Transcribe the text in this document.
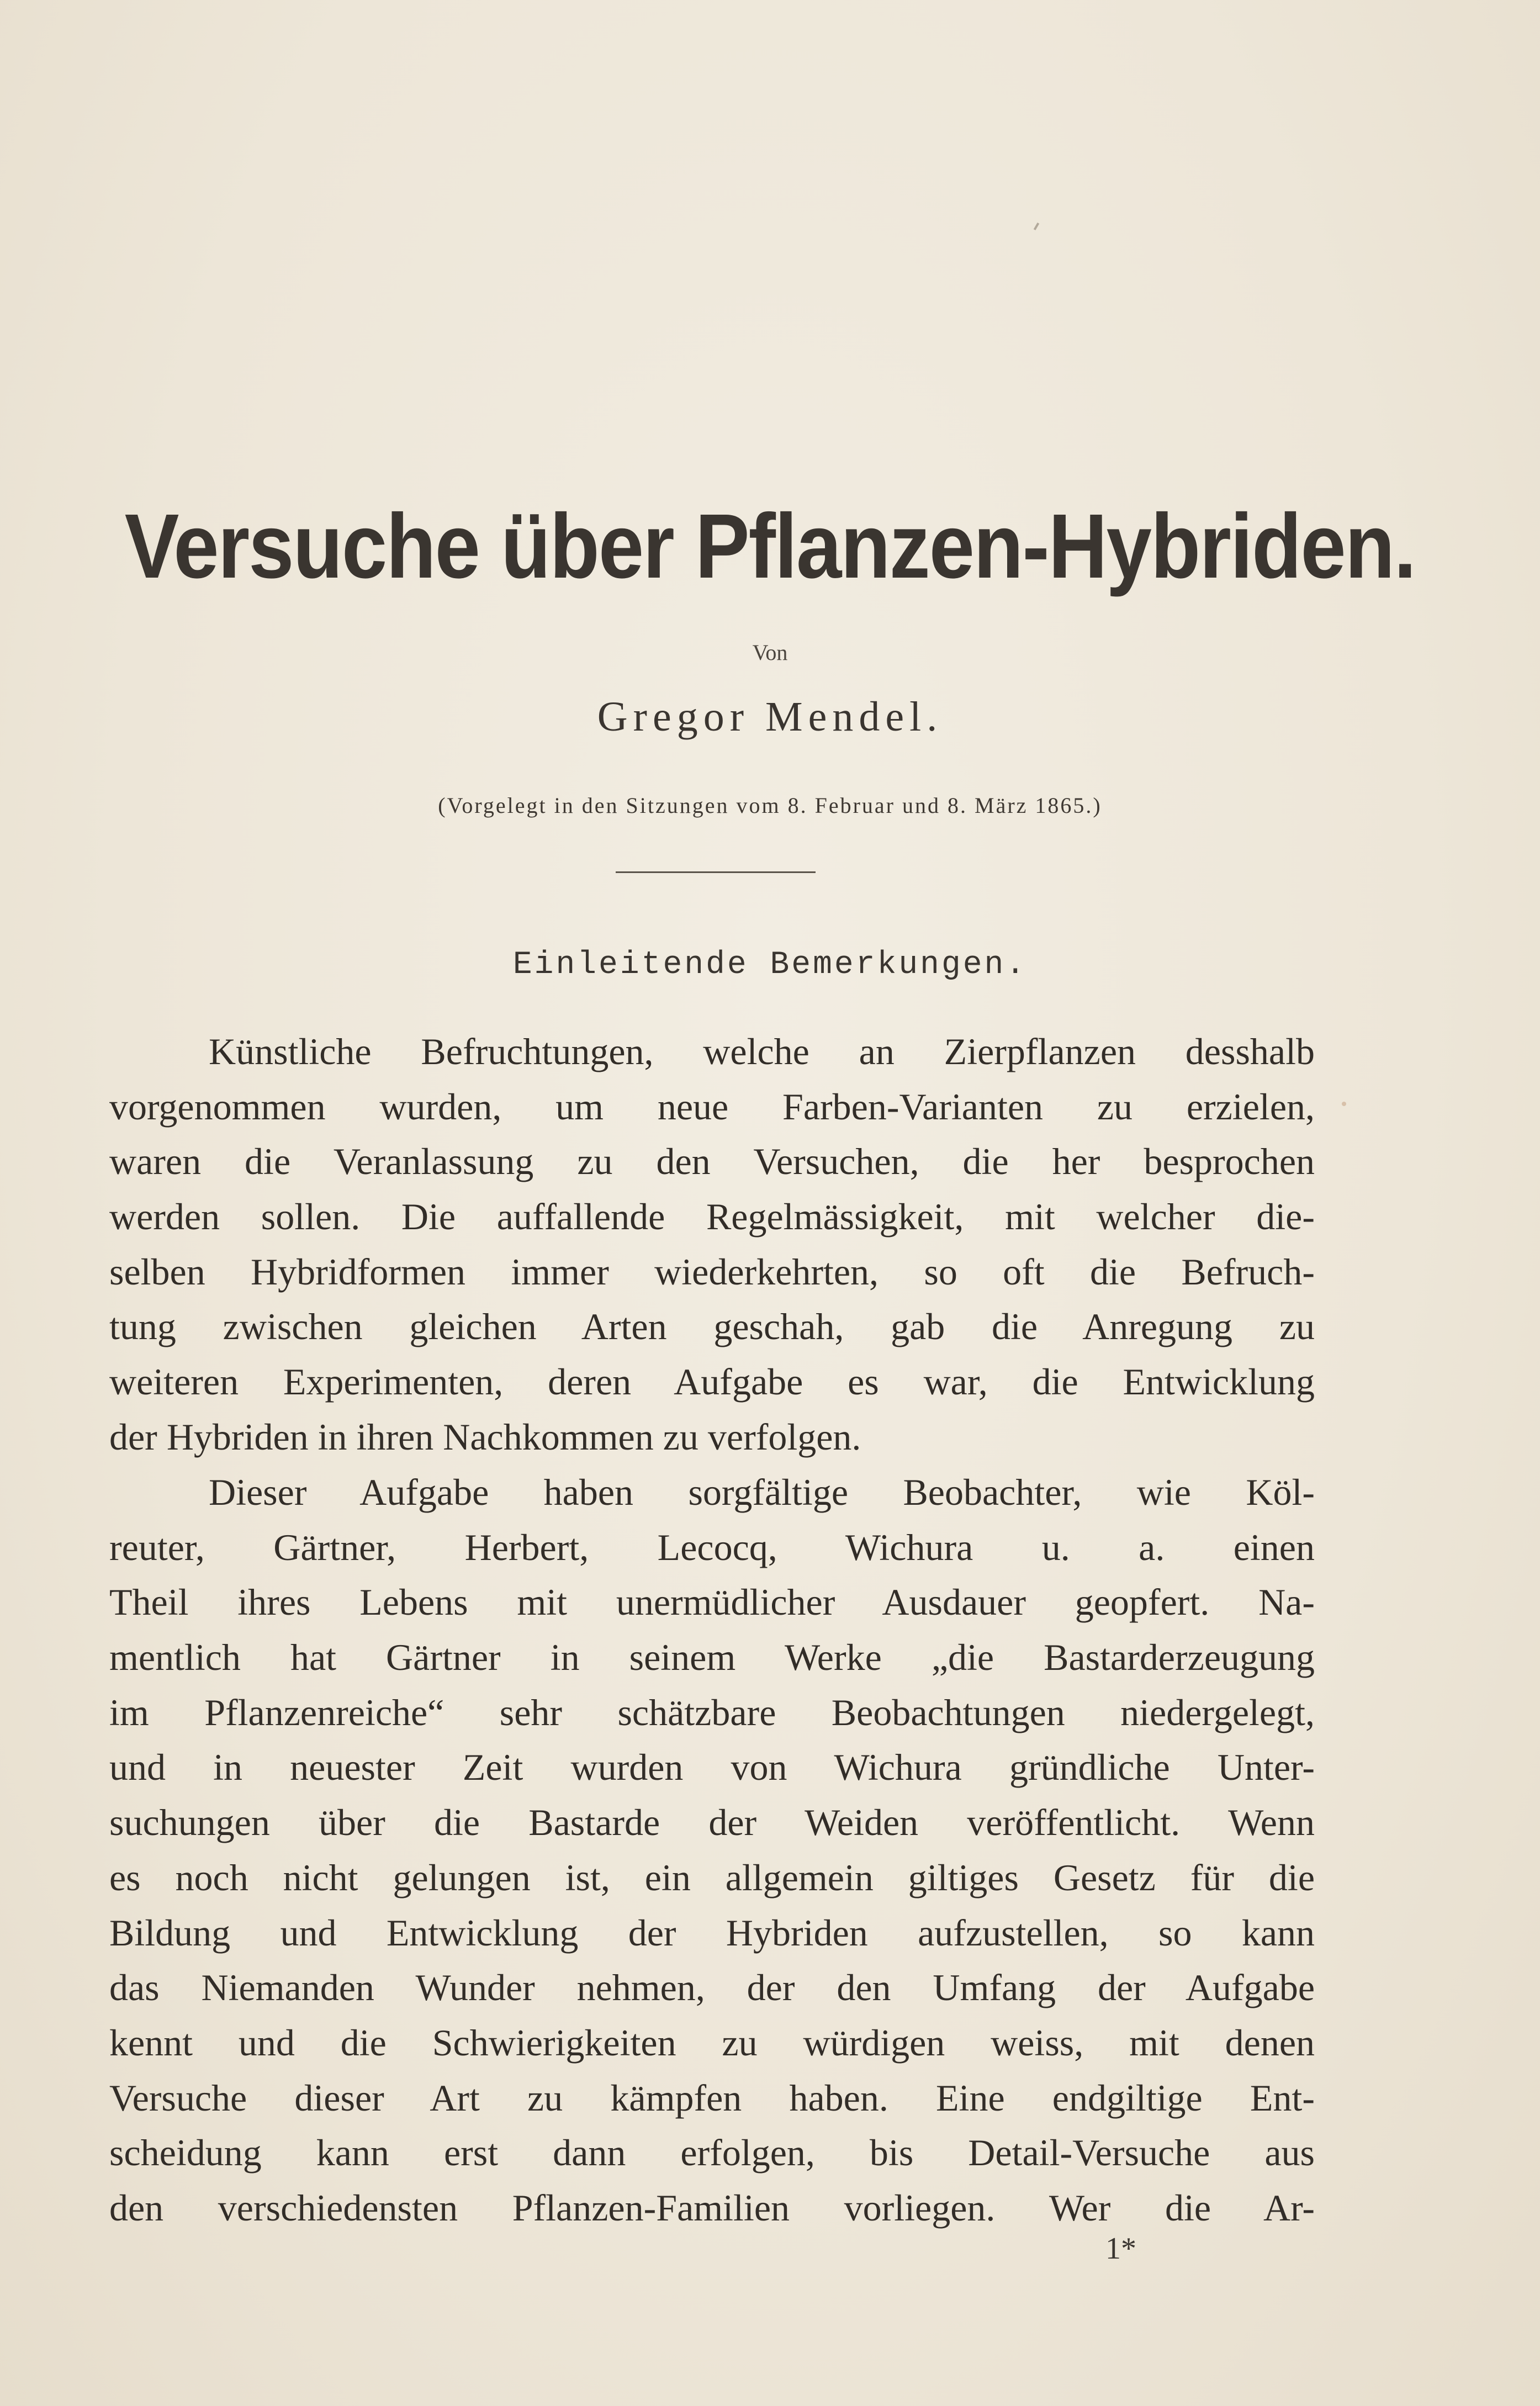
Versuche über Pflanzen-Hybriden.
Von
Gregor Mendel.
(Vorgelegt in den Sitzungen vom 8. Februar und 8. März 1865.)
Einleitende Bemerkungen.
Künstliche Befruchtungen, welche an Zierpflanzen desshalb
vorgenommen wurden, um neue Farben-Varianten zu erzielen,
waren die Veranlassung zu den Versuchen, die her besprochen
werden sollen. Die auffallende Regelmässigkeit, mit welcher die-
selben Hybridformen immer wiederkehrten, so oft die Befruch-
tung zwischen gleichen Arten geschah, gab die Anregung zu
weiteren Experimenten, deren Aufgabe es war, die Entwicklung
der Hybriden in ihren Nachkommen zu verfolgen.
Dieser Aufgabe haben sorgfältige Beobachter, wie Köl-
reuter, Gärtner, Herbert, Lecocq, Wichura u. a. einen
Theil ihres Lebens mit unermüdlicher Ausdauer geopfert. Na-
mentlich hat Gärtner in seinem Werke „die Bastarderzeugung
im Pflanzenreiche“ sehr schätzbare Beobachtungen niedergelegt,
und in neuester Zeit wurden von Wichura gründliche Unter-
suchungen über die Bastarde der Weiden veröffentlicht. Wenn
es noch nicht gelungen ist, ein allgemein giltiges Gesetz für die
Bildung und Entwicklung der Hybriden aufzustellen, so kann
das Niemanden Wunder nehmen, der den Umfang der Aufgabe
kennt und die Schwierigkeiten zu würdigen weiss, mit denen
Versuche dieser Art zu kämpfen haben. Eine endgiltige Ent-
scheidung kann erst dann erfolgen, bis Detail-Versuche aus
den verschiedensten Pflanzen-Familien vorliegen. Wer die Ar-
1*
